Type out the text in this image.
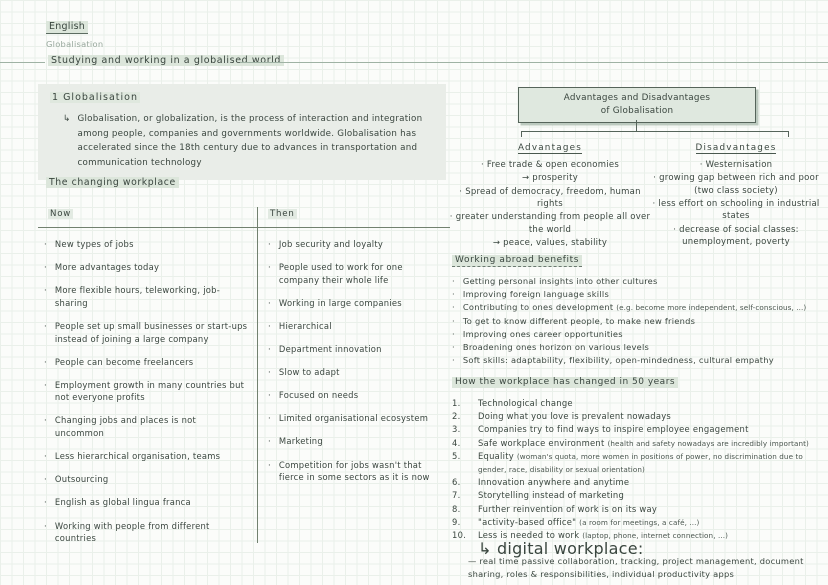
English
Globalisation
Studying and working in a globalised world
1 Globalisation
↳ Globalisation, or globalization, is the process of interaction and integration among people, companies and governments worldwide. Globalisation has accelerated since the 18th century due to advances in transportation and communication technology
The changing workplace
Now	Then
· New types of jobs
· More advantages today
· More flexible hours, teleworking, job-sharing
· People set up small businesses or start-ups instead of joining a large company
· People can become freelancers
· Employment growth in many countries but not everyone profits
· Changing jobs and places is not uncommon
· Less hierarchical organisation, teams
· Outsourcing
· English as global lingua franca
· Working with people from different countries
· Job security and loyalty
· People used to work for one company their whole life
· Working in large companies
· Hierarchical
· Department innovation
· Slow to adapt
· Focused on needs
· Limited organisational ecosystem
· Marketing
· Competition for jobs wasn't that fierce in some sectors as it is now
Advantages and Disadvantages
of Globalisation
Advantages
· Free trade & open economies
→ prosperity
· Spread of democracy, freedom, human rights
· greater understanding from people all over the world
→ peace, values, stability
Disadvantages
· Westernisation
· growing gap between rich and poor (two class society)
· less effort on schooling in industrial states
· decrease of social classes: unemployment, poverty
Working abroad benefits
· Getting personal insights into other cultures
· Improving foreign language skills
· Contributing to ones development (e.g. become more independent, self-conscious, ...)
· To get to know different people, to make new friends
· Improving ones career opportunities
· Broadening ones horizon on various levels
· Soft skills: adaptability, flexibility, open-mindedness, cultural empathy
How the workplace has changed in 50 years
1.	Technological change
2.	Doing what you love is prevalent nowadays
3.	Companies try to find ways to inspire employee engagement
4.	Safe workplace environment (health and safety nowadays are incredibly important)
5.	Equality (woman's quota, more women in positions of power, no discrimination due to gender, race, disability or sexual orientation)
6.	Innovation anywhere and anytime
7.	Storytelling instead of marketing
8.	Further reinvention of work is on its way
9.	"activity-based office" (a room for meetings, a café, ...)
10.	Less is needed to work (laptop, phone, internet connection, ...)
↳ digital workplace:
— real time passive collaboration, tracking, project management, document sharing, roles & responsibilities, individual productivity apps
